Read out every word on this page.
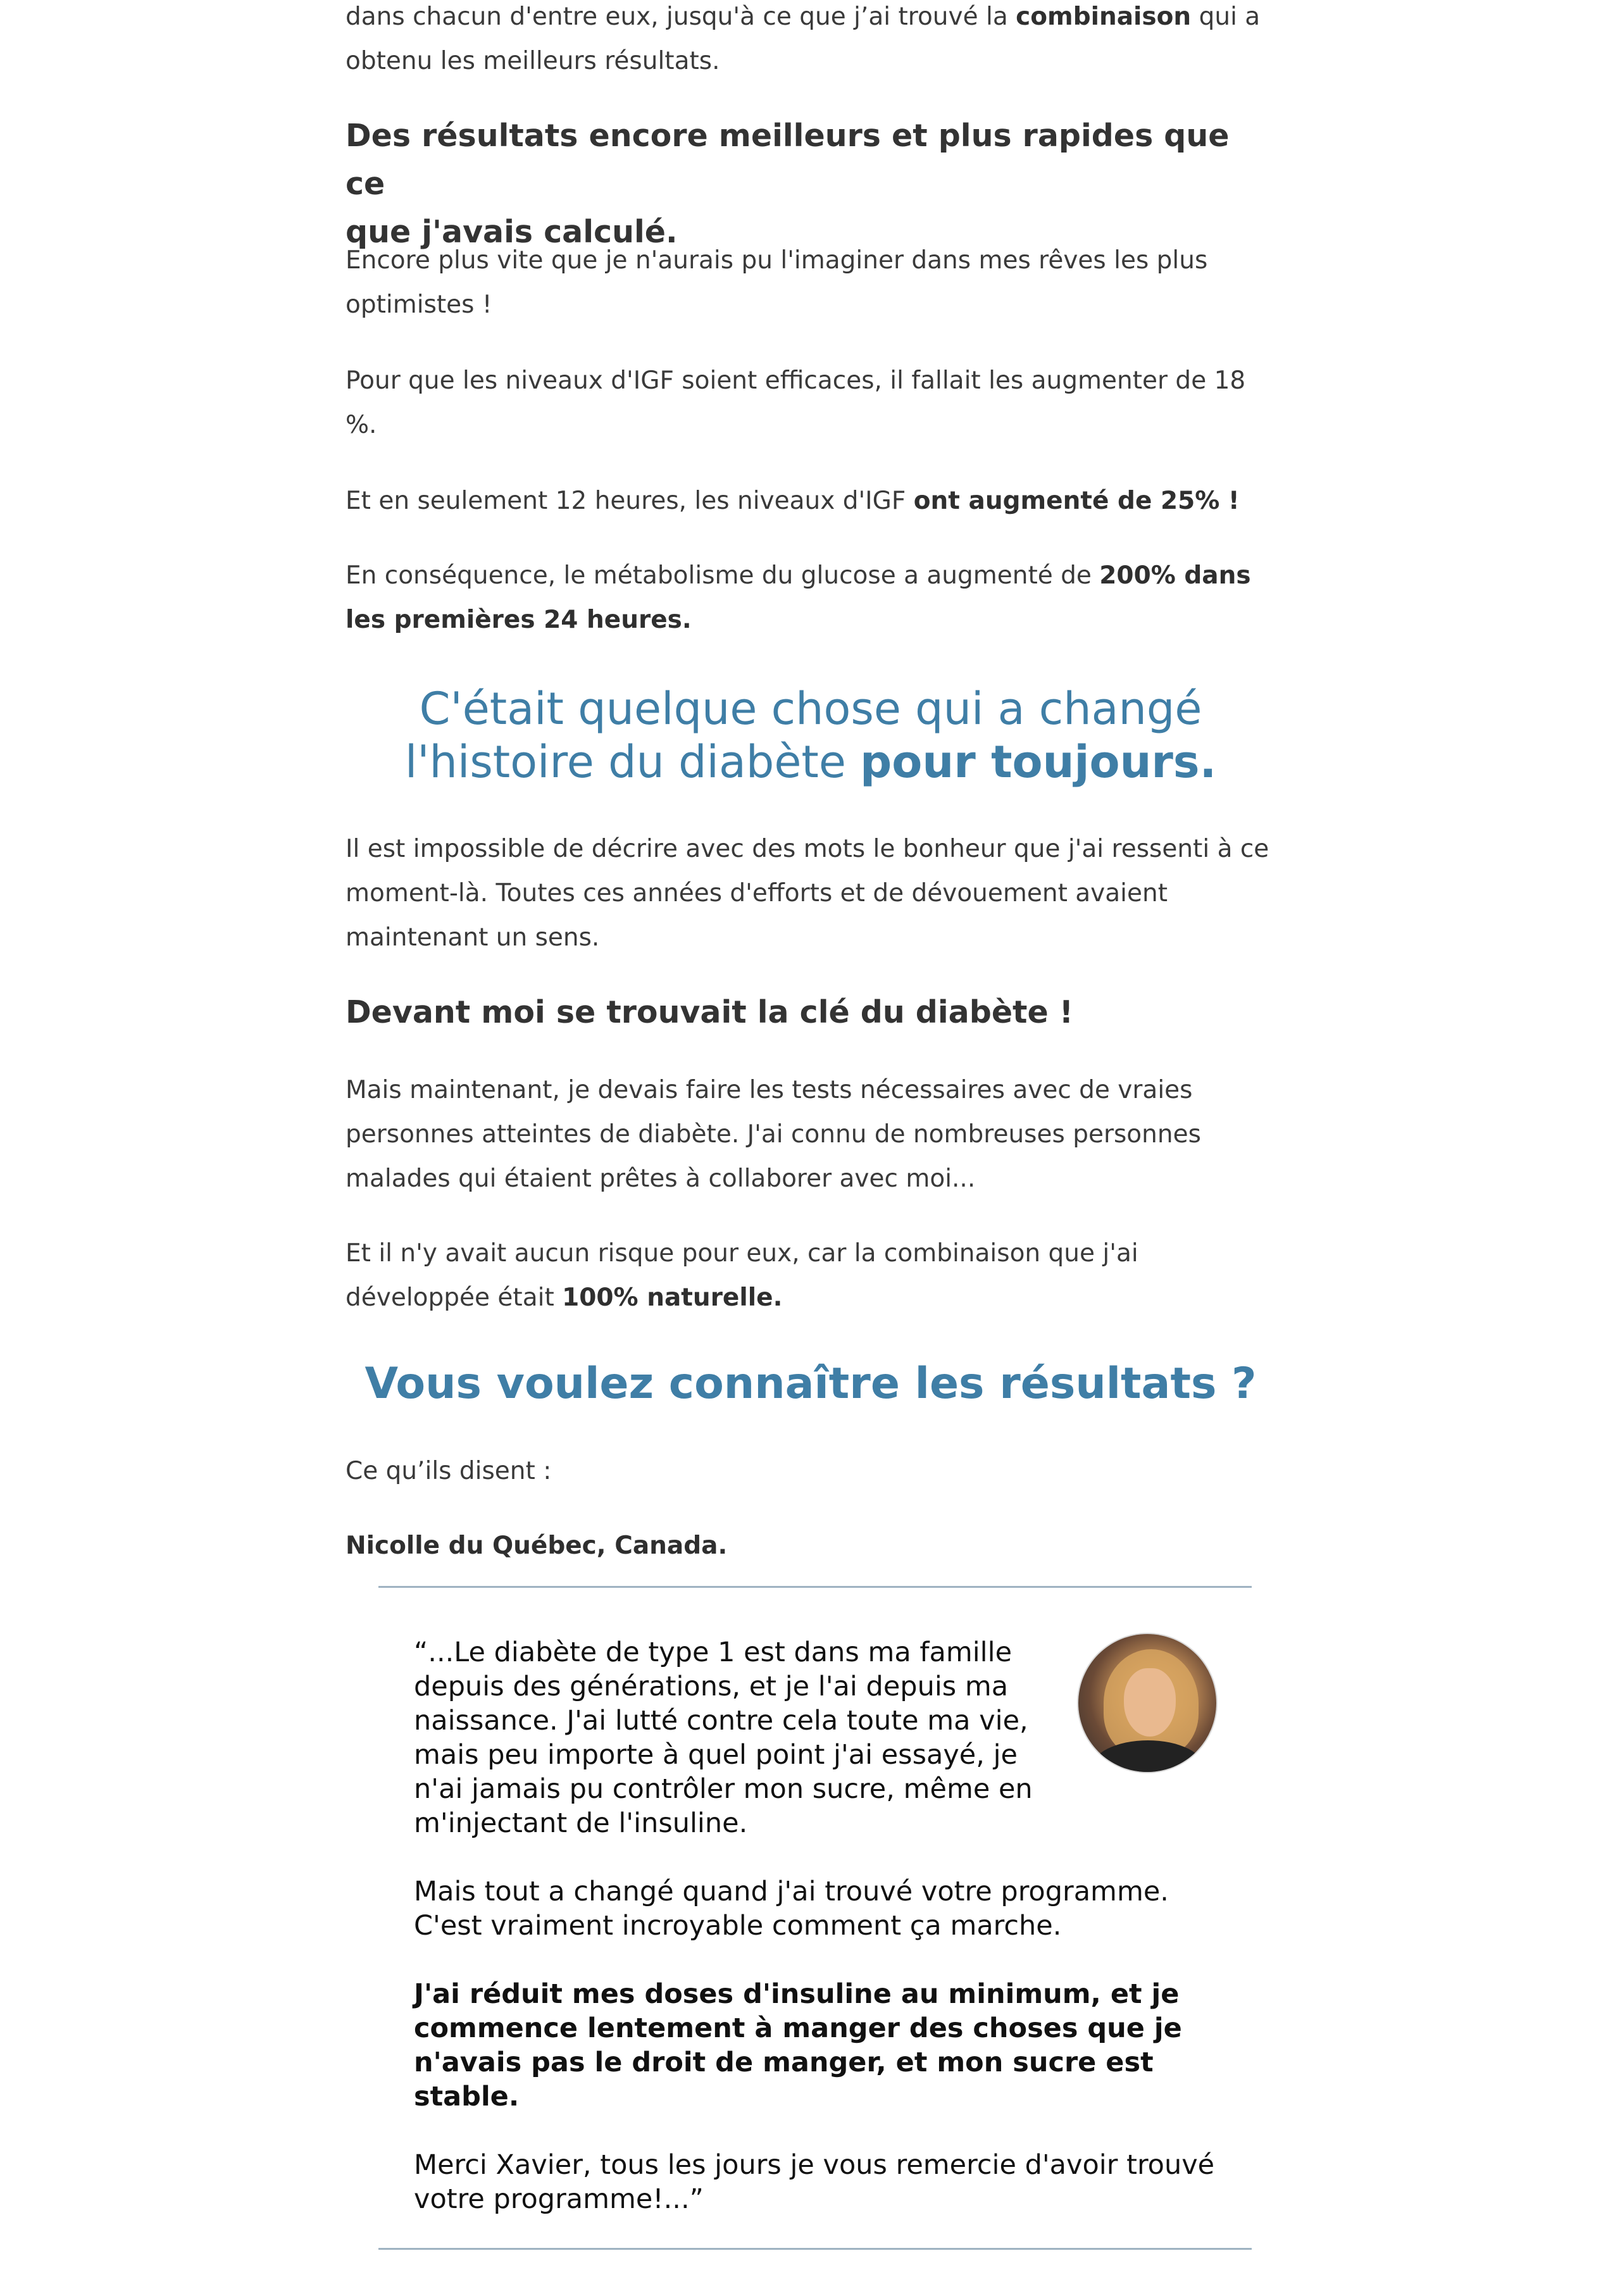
dans chacun d'entre eux, jusqu'à ce que j’ai trouvé la combinaison qui a
obtenu les meilleurs résultats.

Des résultats encore meilleurs et plus rapides que ce
que j'avais calculé.

Encore plus vite que je n'aurais pu l'imaginer dans mes rêves les plus
optimistes !

Pour que les niveaux d'IGF soient efficaces, il fallait les augmenter de 18
%.

Et en seulement 12 heures, les niveaux d'IGF ont augmenté de 25% !

En conséquence, le métabolisme du glucose a augmenté de 200% dans
les premières 24 heures.

C'était quelque chose qui a changé
l'histoire du diabète pour toujours.

Il est impossible de décrire avec des mots le bonheur que j'ai ressenti à ce
moment-là. Toutes ces années d'efforts et de dévouement avaient
maintenant un sens.

Devant moi se trouvait la clé du diabète !

Mais maintenant, je devais faire les tests nécessaires avec de vraies
personnes atteintes de diabète. J'ai connu de nombreuses personnes
malades qui étaient prêtes à collaborer avec moi...

Et il n'y avait aucun risque pour eux, car la combinaison que j'ai
développée était 100% naturelle.

Vous voulez connaître les résultats ?

Ce qu’ils disent :

Nicolle du Québec, Canada.

“...Le diabète de type 1 est dans ma famille
depuis des générations, et je l'ai depuis ma
naissance. J'ai lutté contre cela toute ma vie,
mais peu importe à quel point j'ai essayé, je
n'ai jamais pu contrôler mon sucre, même en
m'injectant de l'insuline.

Mais tout a changé quand j'ai trouvé votre programme.
C'est vraiment incroyable comment ça marche.

J'ai réduit mes doses d'insuline au minimum, et je
commence lentement à manger des choses que je
n'avais pas le droit de manger, et mon sucre est
stable.

Merci Xavier, tous les jours je vous remercie d'avoir trouvé
votre programme!...”
